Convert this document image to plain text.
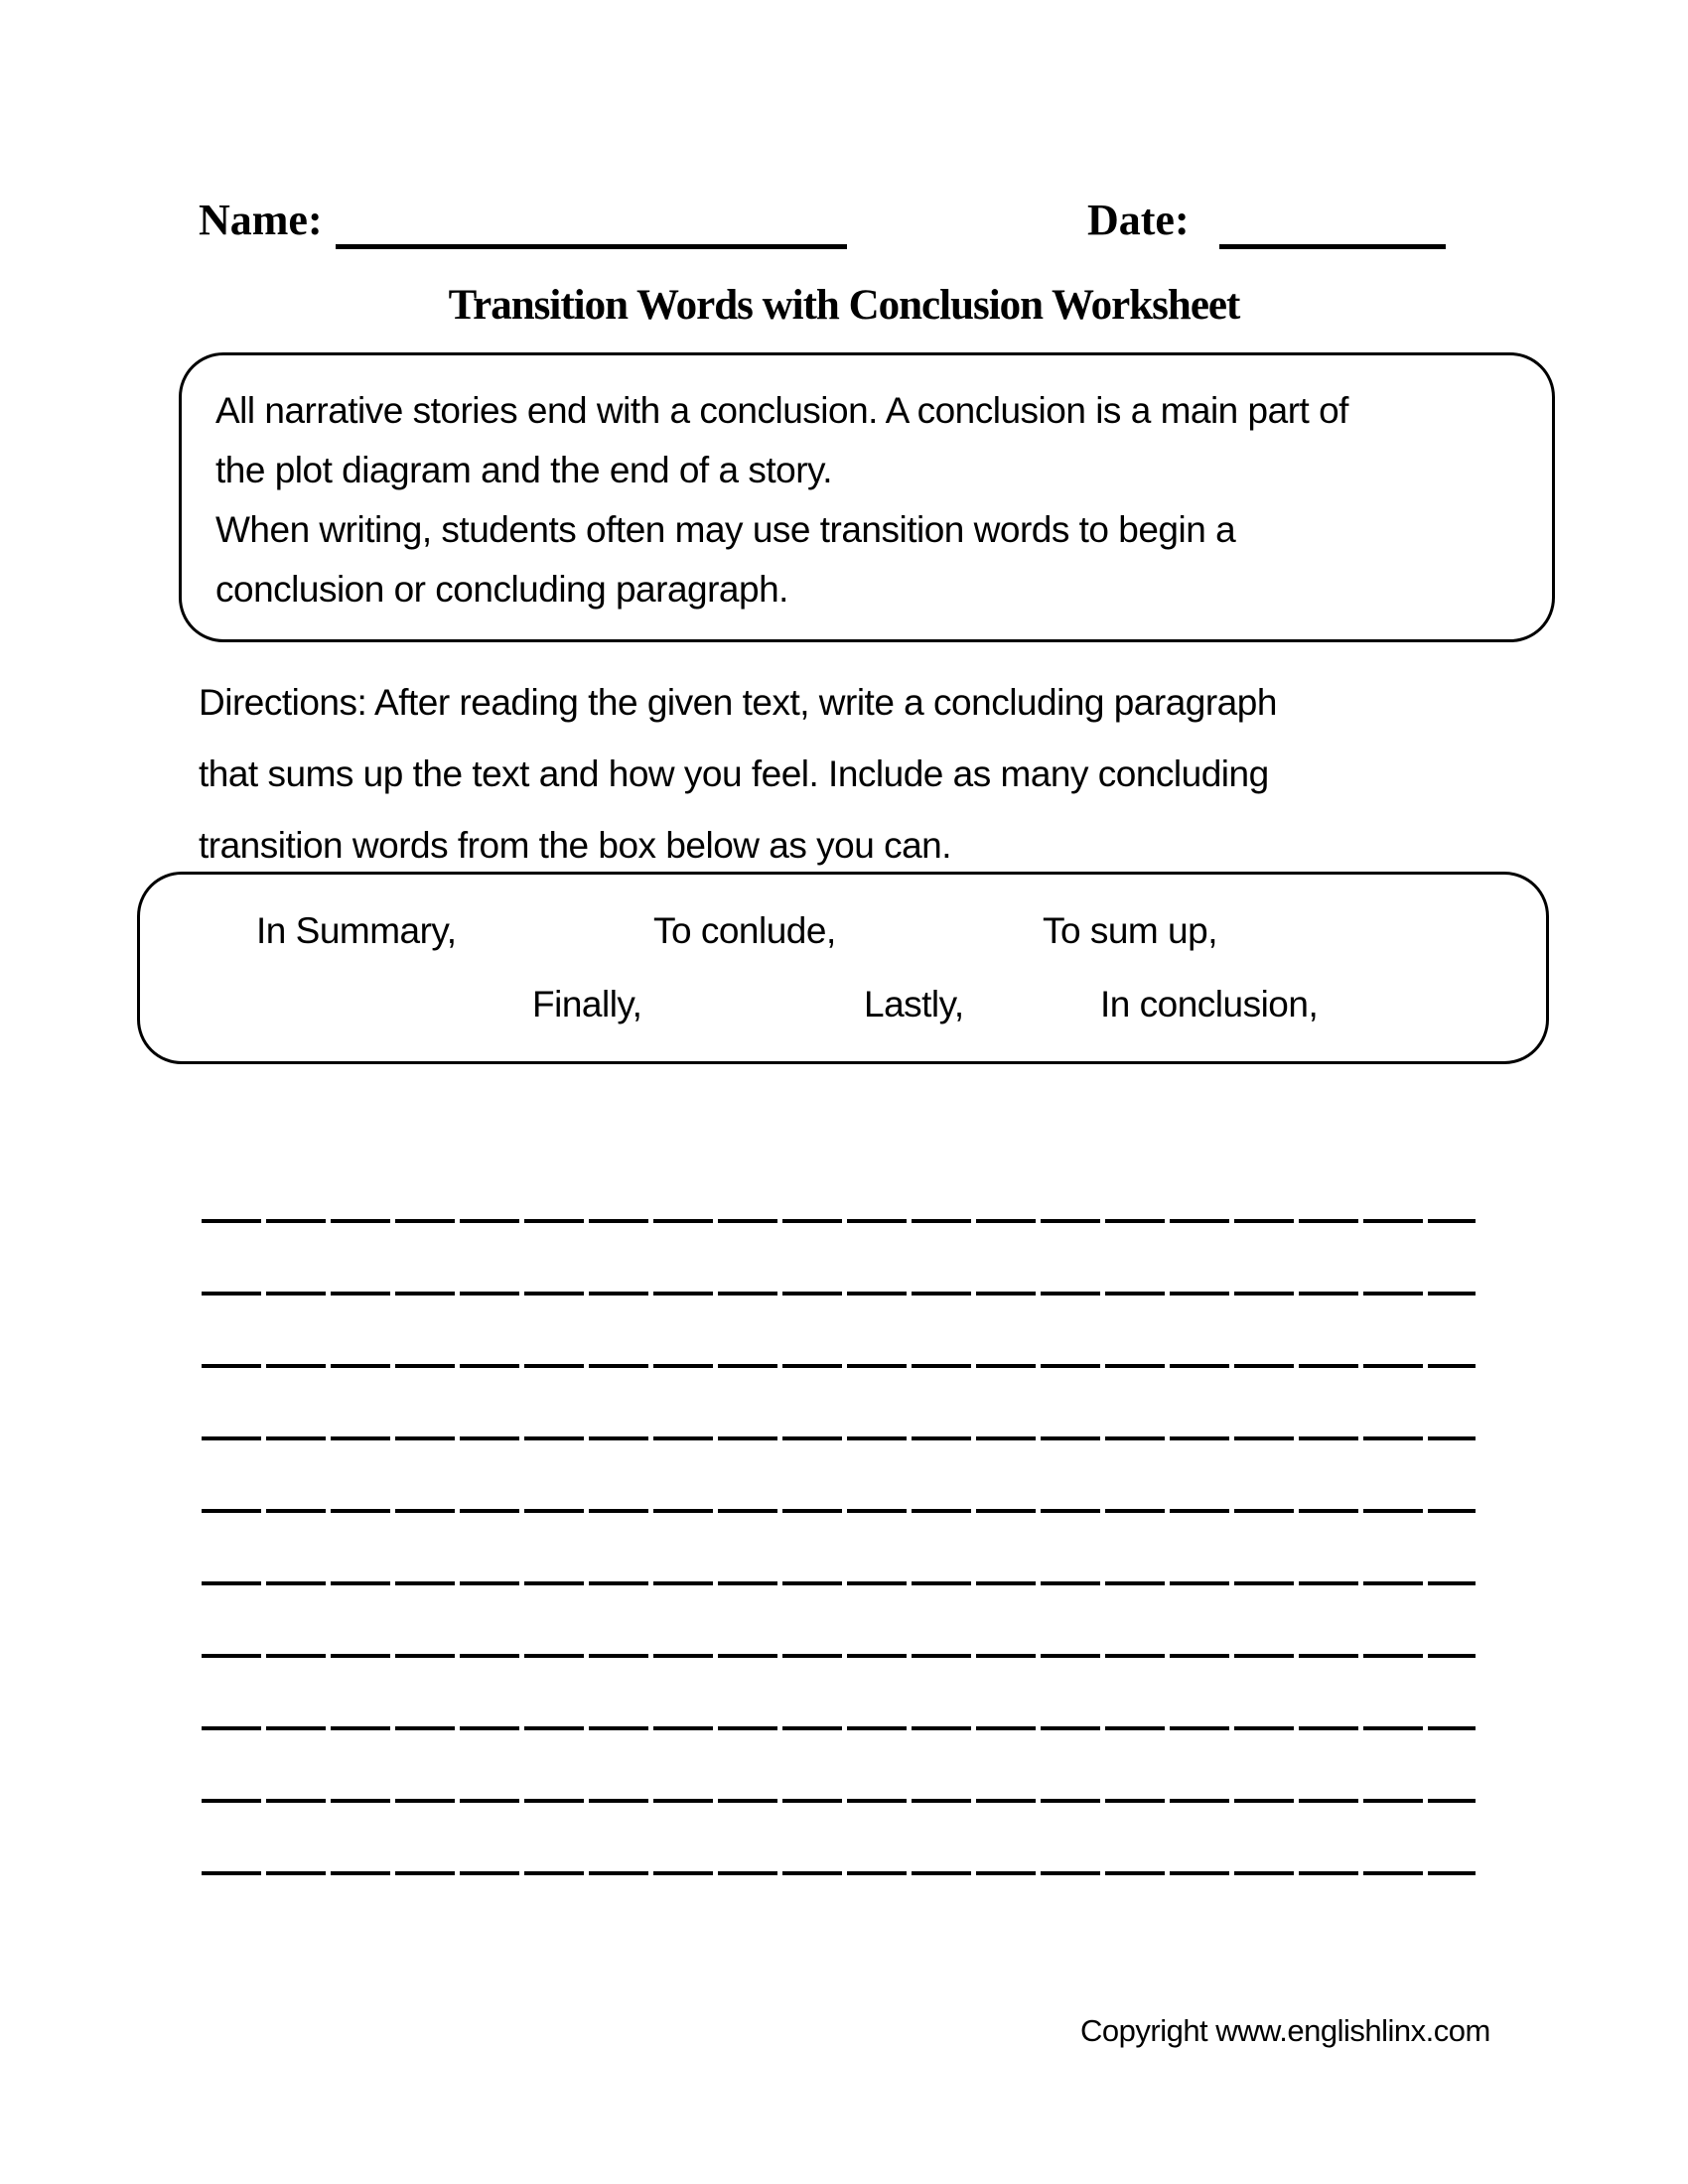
Name:	Date:
Transition Words with Conclusion Worksheet
All narrative stories end with a conclusion. A conclusion is a main part of
the plot diagram and the end of a story.
When writing, students often may use transition words to begin a
conclusion or concluding paragraph.
Directions: After reading the given text, write a concluding paragraph
that sums up the text and how you feel. Include as many concluding
transition words from the box below as you can.
In Summary,	To conlude,	To sum up,
Finally,	Lastly,	In conclusion,
Copyright www.englishlinx.com
